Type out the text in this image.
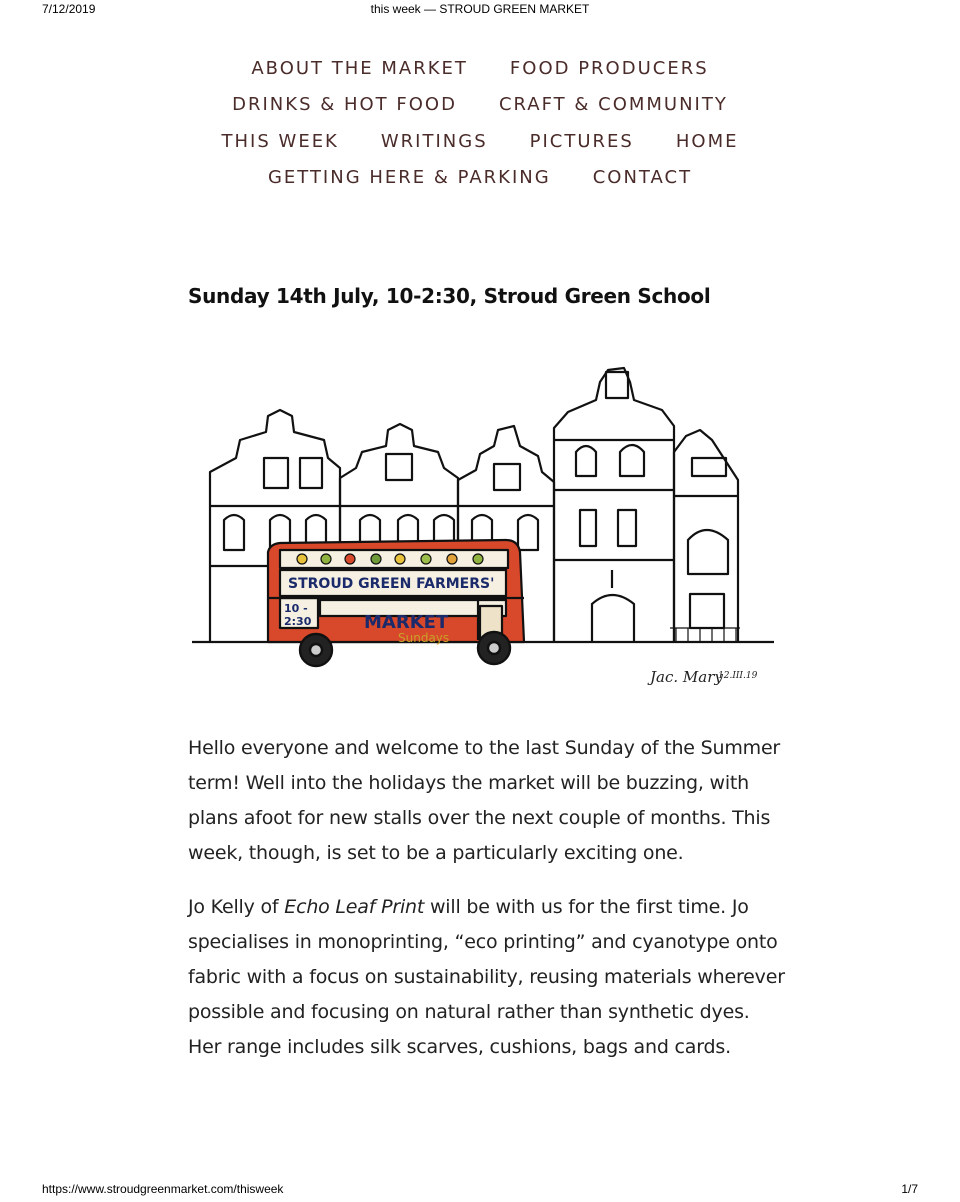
7/12/2019	this week — STROUD GREEN MARKET
ABOUT THE MARKET FOOD PRODUCERS
DRINKS & HOT FOOD CRAFT & COMMUNITY
THIS WEEK WRITINGS PICTURES HOME
GETTING HERE & PARKING CONTACT
Sunday 14th July, 10-2:30, Stroud Green School
STROUD GREEN FARMERS'
10 -
2:30	MARKET
Sundays
Jac. Mary
12.III.19

Hello everyone and welcome to the last Sunday of the Summer term! Well into the holidays the market will be buzzing, with plans afoot for new stalls over the next couple of months. This week, though, is set to be a particularly exciting one.

Jo Kelly of Echo Leaf Print will be with us for the first time. Jo specialises in monoprinting, “eco printing” and cyanotype onto fabric with a focus on sustainability, reusing materials wherever possible and focusing on natural rather than synthetic dyes. Her range includes silk scarves, cushions, bags and cards.

https://www.stroudgreenmarket.com/thisweek	1/7
